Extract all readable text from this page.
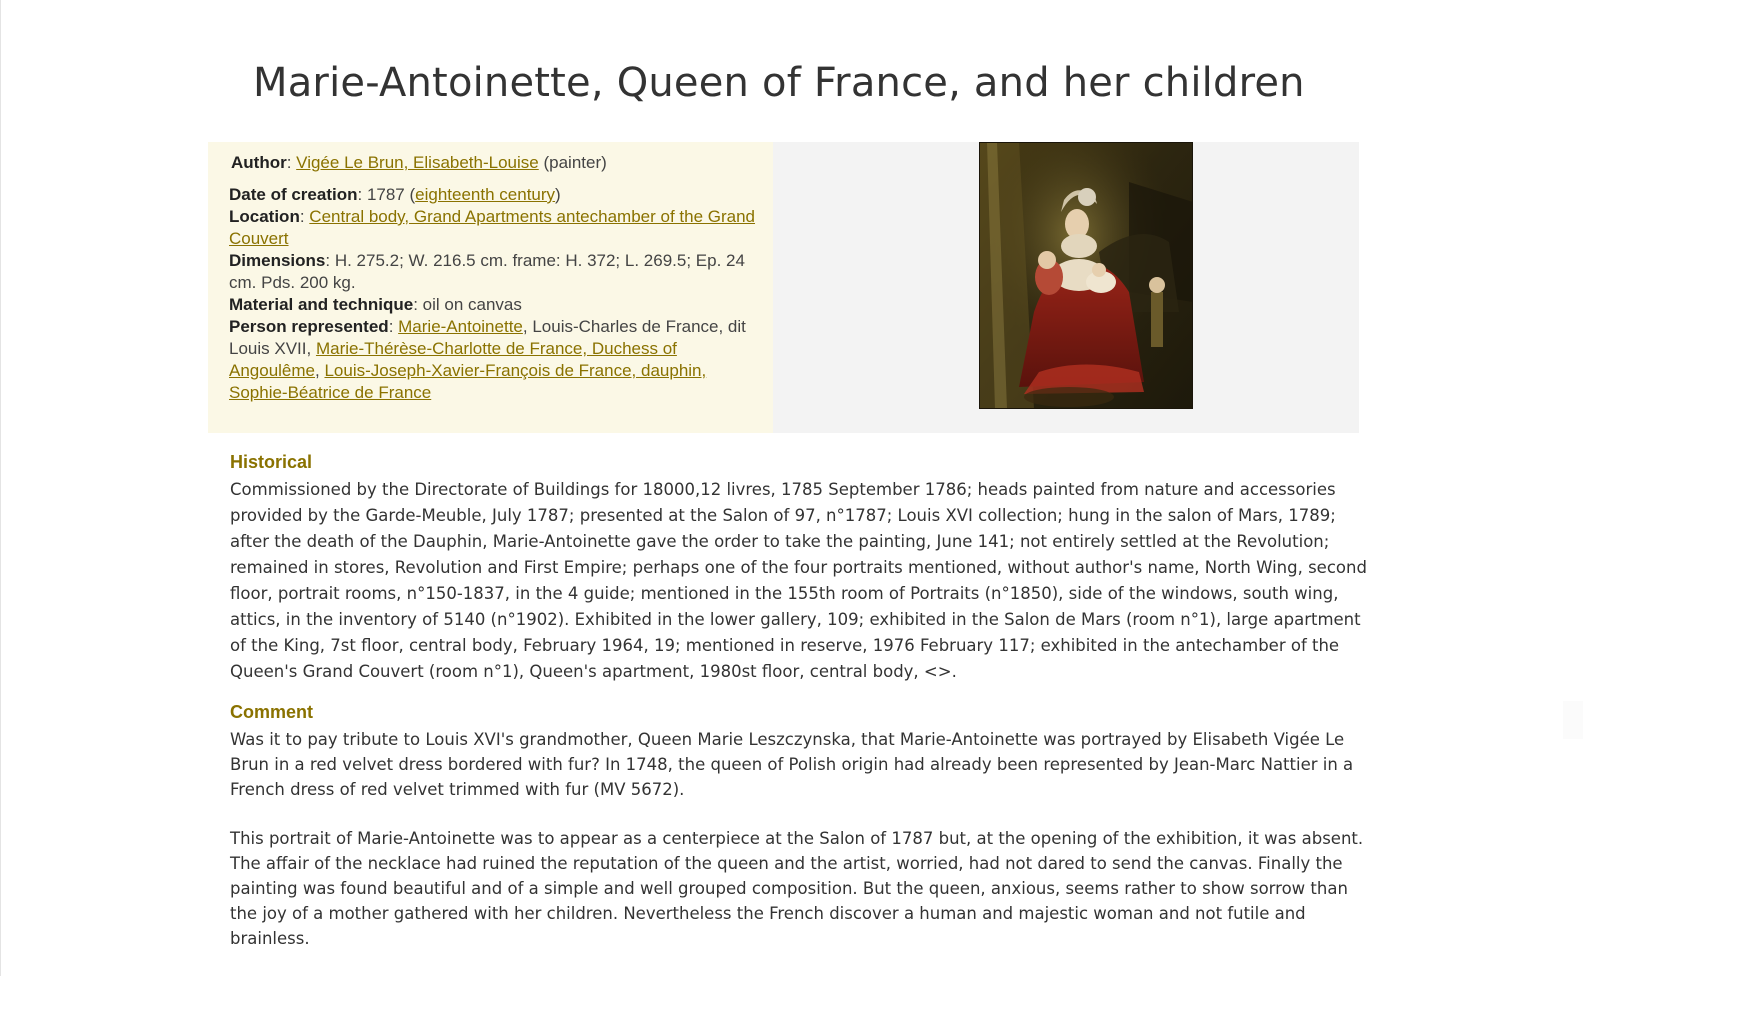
Marie-Antoinette, Queen of France, and her children

Author: Vigée Le Brun, Elisabeth-Louise (painter)

Date of creation: 1787 (eighteenth century)

Location: Central body, Grand Apartments antechamber of the Grand Couvert

Dimensions: H. 275.2; W. 216.5 cm. frame: H. 372; L. 269.5; Ep. 24 cm. Pds. 200 kg.

Material and technique: oil on canvas

Person represented: Marie-Antoinette, Louis-Charles de France, dit Louis XVII, Marie-Thérèse-Charlotte de France, Duchess of Angoulême, Louis-Joseph-Xavier-François de France, dauphin, Sophie-Béatrice de France

Historical

Commissioned by the Directorate of Buildings for 18000,12 livres, 1785 September 1786; heads painted from nature and accessories provided by the Garde-Meuble, July 1787; presented at the Salon of 97, n°1787; Louis XVI collection; hung in the salon of Mars, 1789; after the death of the Dauphin, Marie-Antoinette gave the order to take the painting, June 141; not entirely settled at the Revolution; remained in stores, Revolution and First Empire; perhaps one of the four portraits mentioned, without author's name, North Wing, second floor, portrait rooms, n°150-1837, in the 4 guide; mentioned in the 155th room of Portraits (n°1850), side of the windows, south wing, attics, in the inventory of 5140 (n°1902). Exhibited in the lower gallery, 109; exhibited in the Salon de Mars (room n°1), large apartment of the King, 7st floor, central body, February 1964, 19; mentioned in reserve, 1976 February 117; exhibited in the antechamber of the Queen's Grand Couvert (room n°1), Queen's apartment, 1980st floor, central body, <>.

Comment

Was it to pay tribute to Louis XVI's grandmother, Queen Marie Leszczynska, that Marie-Antoinette was portrayed by Elisabeth Vigée Le Brun in a red velvet dress bordered with fur? In 1748, the queen of Polish origin had already been represented by Jean-Marc Nattier in a French dress of red velvet trimmed with fur (MV 5672).

This portrait of Marie-Antoinette was to appear as a centerpiece at the Salon of 1787 but, at the opening of the exhibition, it was absent. The affair of the necklace had ruined the reputation of the queen and the artist, worried, had not dared to send the canvas. Finally the painting was found beautiful and of a simple and well grouped composition. But the queen, anxious, seems rather to show sorrow than the joy of a mother gathered with her children. Nevertheless the French discover a human and majestic woman and not futile and brainless.
